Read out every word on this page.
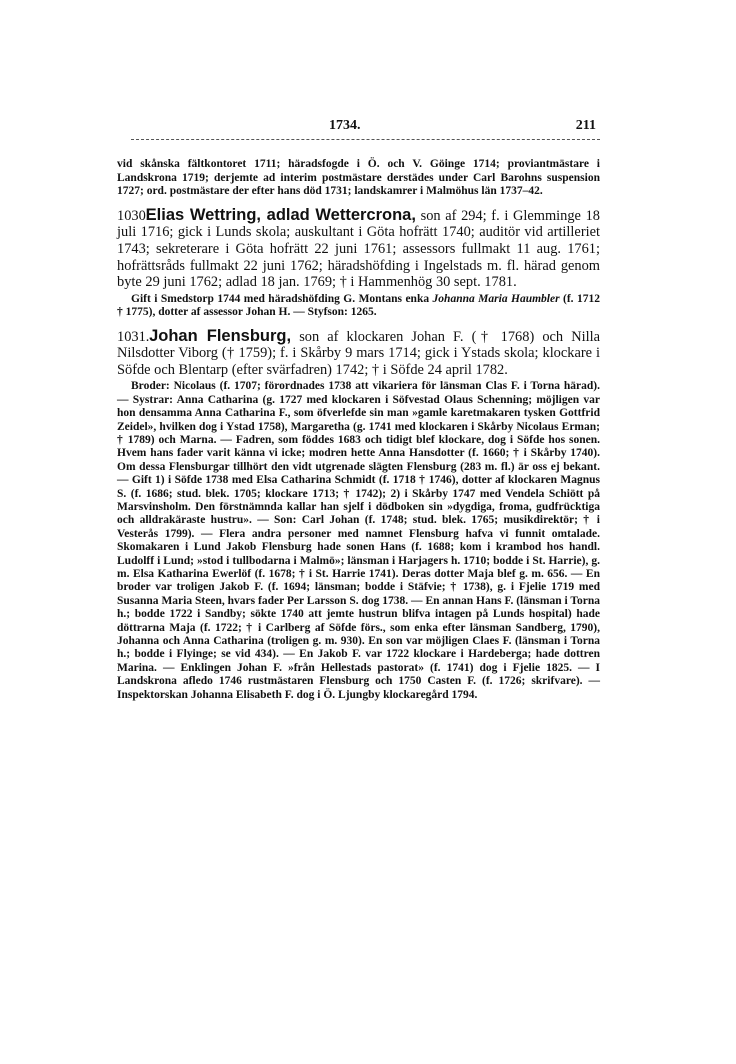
1734.	211
vid skånska fältkontoret 1711; häradsfogde i Ö. och V. Göinge 1714; proviantmästare i Landskrona 1719; derjemte ad interim postmästare derstädes under Carl Barohns suspension 1727; ord. postmästare der efter hans död 1731; landskamrer i Malmöhus län 1737–42.
1030. Elias Wettring, adlad Wettercrona, son af 294; f. i Glemminge 18 juli 1716; gick i Lunds skola; auskultant i Göta hofrätt 1740; auditör vid artilleriet 1743; sekreterare i Göta hofrätt 22 juni 1761; assessors fullmakt 11 aug. 1761; hofrättsråds fullmakt 22 juni 1762; häradshöfding i Ingelstads m. fl. härad genom byte 29 juni 1762; adlad 18 jan. 1769; † i Hammenhög 30 sept. 1781.
Gift i Smedstorp 1744 med häradshöfding G. Montans enka Johanna Maria Haumbler (f. 1712 † 1775), dotter af assessor Johan H. — Styfson: 1265.
1031. Johan Flensburg, son af klockaren Johan F. († 1768) och Nilla Nilsdotter Viborg († 1759); f. i Skårby 9 mars 1714; gick i Ystads skola; klockare i Söfde och Blentarp (efter svärfadren) 1742; † i Söfde 24 april 1782.
Broder: Nicolaus (f. 1707; förordnades 1738 att vikariera för länsman Clas F. i Torna härad). — Systrar: Anna Catharina (g. 1727 med klockaren i Söfvestad Olaus Schenning; möjligen var hon densamma Anna Catharina F., som öfverlefde sin man »gamle karetmakaren tysken Gottfrid Zeidel», hvilken dog i Ystad 1758), Margaretha (g. 1741 med klockaren i Skårby Nicolaus Erman; † 1789) och Marna. — Fadren, som föddes 1683 och tidigt blef klockare, dog i Söfde hos sonen. Hvem hans fader varit känna vi icke; modren hette Anna Hansdotter (f. 1660; † i Skårby 1740). Om dessa Flensburgar tillhört den vidt utgrenade slägten Flensburg (283 m. fl.) är oss ej bekant. — Gift 1) i Söfde 1738 med Elsa Catharina Schmidt (f. 1718 † 1746), dotter af klockaren Magnus S. (f. 1686; stud. blek. 1705; klockare 1713; † 1742); 2) i Skårby 1747 med Vendela Schiött på Marsvinsholm. Den förstnämnda kallar han sjelf i dödboken sin »dygdiga, froma, gudfrücktiga och alldrakäraste hustru». — Son: Carl Johan (f. 1748; stud. blek. 1765; musikdirektör; † i Vesterås 1799). — Flera andra personer med namnet Flensburg hafva vi funnit omtalade. Skomakaren i Lund Jakob Flensburg hade sonen Hans (f. 1688; kom i krambod hos handl. Ludolff i Lund; »stod i tullbodarna i Malmö»; länsman i Harjagers h. 1710; bodde i St. Harrie), g. m. Elsa Katharina Ewerlöf (f. 1678; † i St. Harrie 1741). Deras dotter Maja blef g. m. 656. — En broder var troligen Jakob F. (f. 1694; länsman; bodde i Stäfvie; † 1738), g. i Fjelie 1719 med Susanna Maria Steen, hvars fader Per Larsson S. dog 1738. — En annan Hans F. (länsman i Torna h.; bodde 1722 i Sandby; sökte 1740 att jemte hustrun blifva intagen på Lunds hospital) hade döttrarna Maja (f. 1722; † i Carlberg af Söfde förs., som enka efter länsman Sandberg, 1790), Johanna och Anna Catharina (troligen g. m. 930). En son var möjligen Claes F. (länsman i Torna h.; bodde i Flyinge; se vid 434). — En Jakob F. var 1722 klockare i Hardeberga; hade dottren Marina. — Enklingen Johan F. »från Hellestads pastorat» (f. 1741) dog i Fjelie 1825. — I Landskrona afledo 1746 rustmästaren Flensburg och 1750 Casten F. (f. 1726; skrifvare). — Inspektorskan Johanna Elisabeth F. dog i Ö. Ljungby klockaregård 1794.
